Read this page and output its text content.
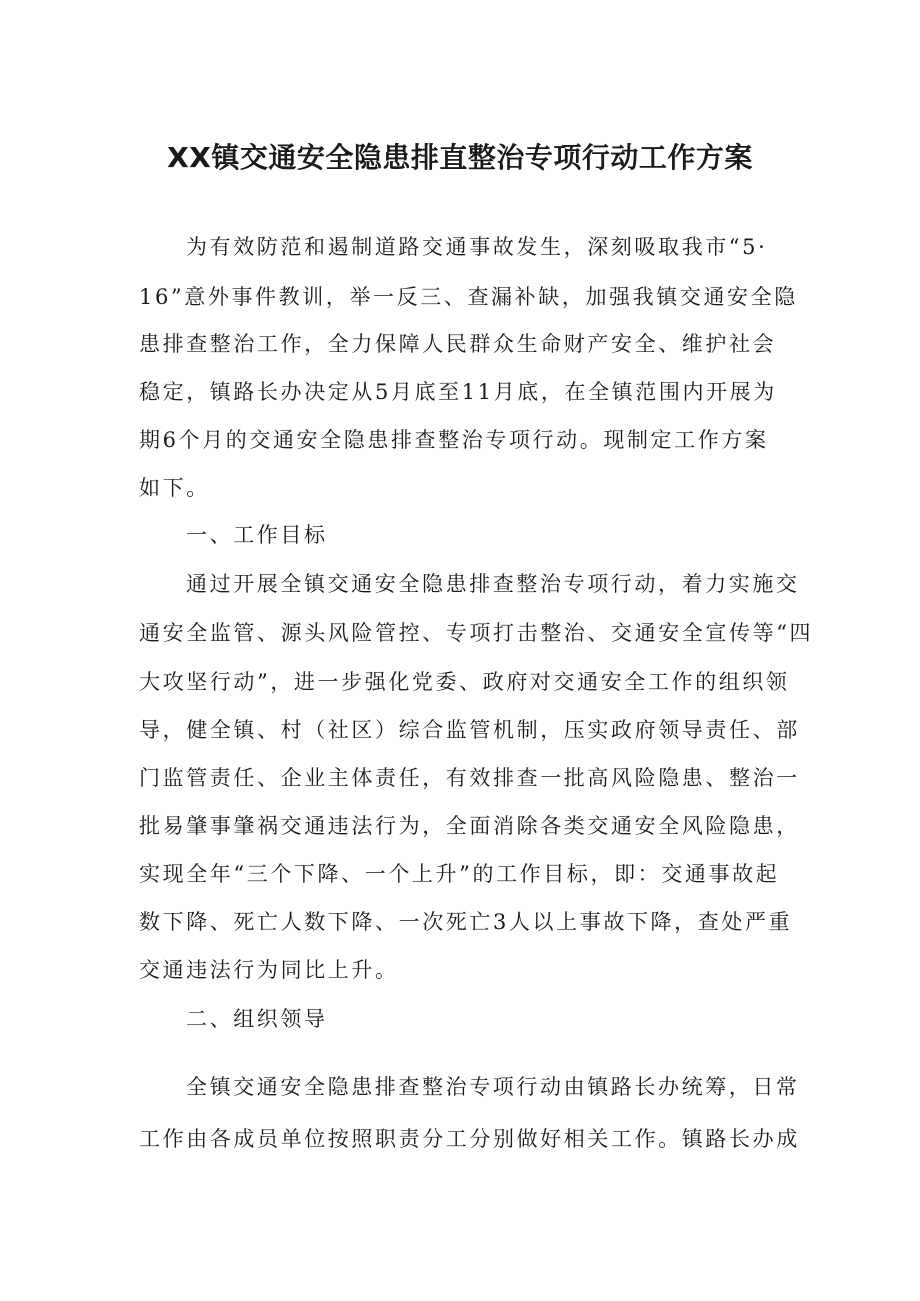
XX镇交通安全隐患排直整治专项行动工作方案
为有效防范和遏制道路交通事故发生，深刻吸取我市“5·
16”意外事件教训，举一反三、查漏补缺，加强我镇交通安全隐
患排查整治工作，全力保障人民群众生命财产安全、维护社会
稳定，镇路长办决定从5月底至11月底，在全镇范围内开展为
期6个月的交通安全隐患排查整治专项行动。现制定工作方案
如下。
一、工作目标
通过开展全镇交通安全隐患排查整治专项行动，着力实施交
通安全监管、源头风险管控、专项打击整治、交通安全宣传等“四
大攻坚行动”，进一步强化党委、政府对交通安全工作的组织领
导，健全镇、村（社区）综合监管机制，压实政府领导责任、部
门监管责任、企业主体责任，有效排查一批高风险隐患、整治一
批易肇事肇祸交通违法行为，全面消除各类交通安全风险隐患，
实现全年“三个下降、一个上升”的工作目标，即：交通事故起
数下降、死亡人数下降、一次死亡3人以上事故下降，查处严重
交通违法行为同比上升。
二、组织领导
全镇交通安全隐患排查整治专项行动由镇路长办统筹，日常
工作由各成员单位按照职责分工分别做好相关工作。镇路长办成
